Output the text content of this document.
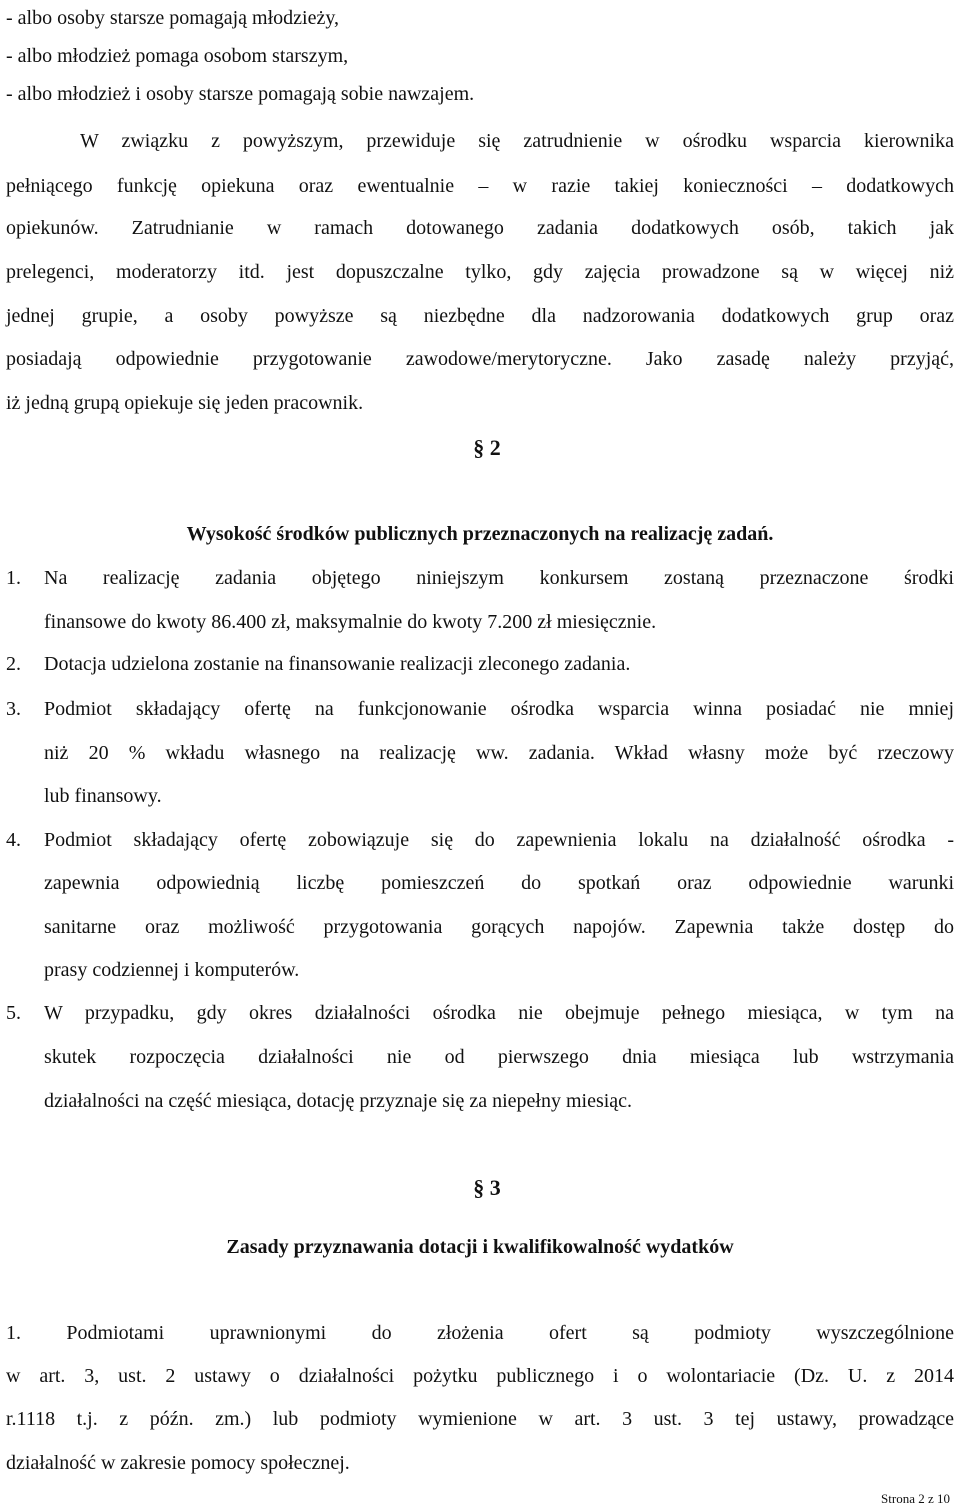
- albo osoby starsze pomagają młodzieży,
- albo młodzież pomaga osobom starszym,
- albo młodzież i osoby starsze pomagają sobie nawzajem.
W związku z powyższym, przewiduje się zatrudnienie w ośrodku wsparcia kierownika
pełniącego funkcję opiekuna oraz ewentualnie – w razie takiej konieczności – dodatkowych
opiekunów. Zatrudnianie w ramach dotowanego zadania dodatkowych osób, takich jak
prelegenci, moderatorzy itd. jest dopuszczalne tylko, gdy zajęcia prowadzone są w więcej niż
jednej grupie, a osoby powyższe są niezbędne dla nadzorowania dodatkowych grup oraz
posiadają odpowiednie przygotowanie zawodowe/merytoryczne. Jako zasadę należy przyjąć,
iż jedną grupą opiekuje się jeden pracownik.
§ 2
Wysokość środków publicznych przeznaczonych na realizację zadań.
1.	Na realizację zadania objętego niniejszym konkursem zostaną przeznaczone środki
finansowe do kwoty 86.400 zł, maksymalnie do kwoty 7.200 zł miesięcznie.
2.	Dotacja udzielona zostanie na finansowanie realizacji zleconego zadania.
3.	Podmiot składający ofertę na funkcjonowanie ośrodka wsparcia winna posiadać nie mniej
niż 20 % wkładu własnego na realizację ww. zadania. Wkład własny może być rzeczowy
lub finansowy.
4.	Podmiot składający ofertę zobowiązuje się do zapewnienia lokalu na działalność ośrodka -
zapewnia odpowiednią liczbę pomieszczeń do spotkań oraz odpowiednie warunki
sanitarne oraz możliwość przygotowania gorących napojów. Zapewnia także dostęp do
prasy codziennej i komputerów.
5.	W przypadku, gdy okres działalności ośrodka nie obejmuje pełnego miesiąca, w tym na
skutek rozpoczęcia działalności nie od pierwszego dnia miesiąca lub wstrzymania
działalności na część miesiąca, dotację przyznaje się za niepełny miesiąc.
§ 3
Zasady przyznawania dotacji i kwalifikowalność wydatków
1. Podmiotami uprawnionymi do złożenia ofert są podmioty wyszczególnione
w art. 3, ust. 2 ustawy o działalności pożytku publicznego i o wolontariacie (Dz. U. z 2014
r.1118 t.j. z późn. zm.) lub podmioty wymienione w art. 3 ust. 3 tej ustawy, prowadzące
działalność w zakresie pomocy społecznej.
Strona 2 z 10
